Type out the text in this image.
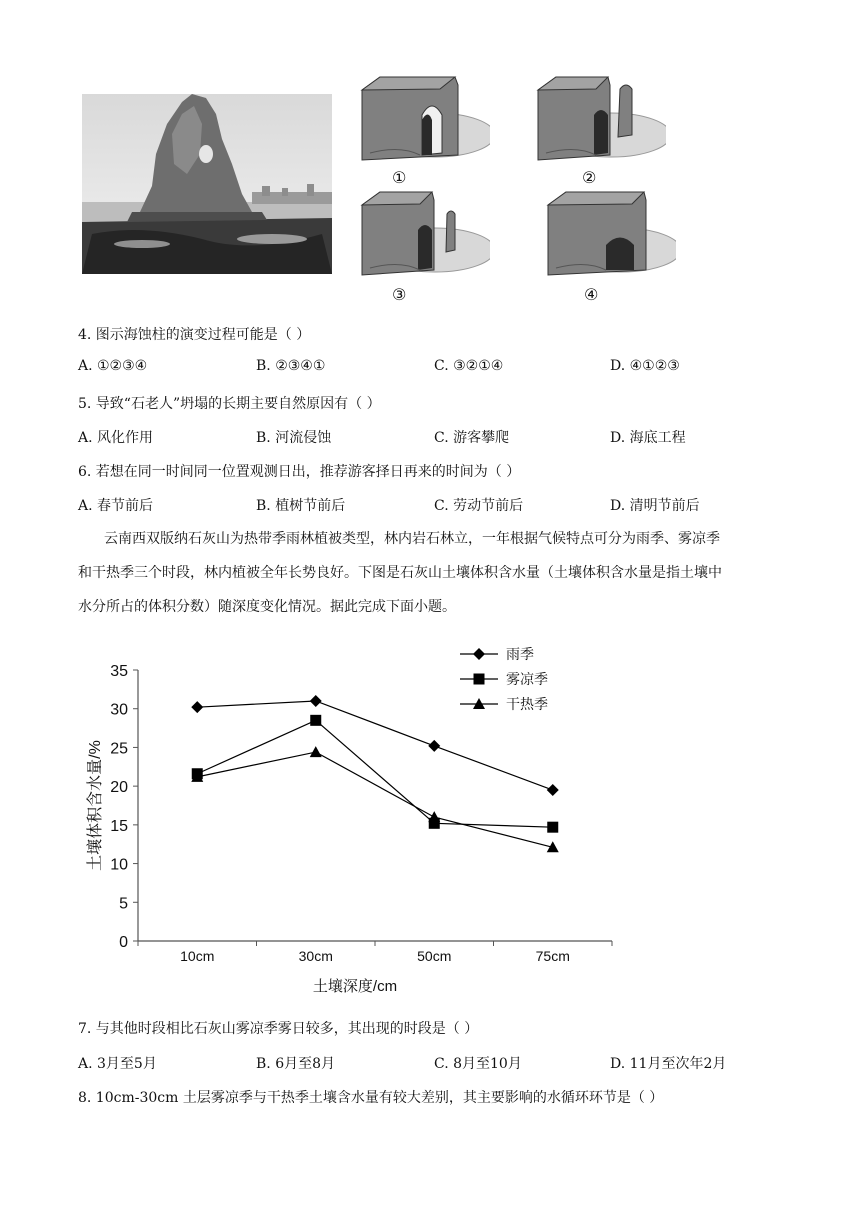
①	②
③	④
4. 图示海蚀柱的演变过程可能是（ ）
A. ①②③④	B. ②③④①	C. ③②①④	D. ④①②③
5. 导致“石老人”坍塌的长期主要自然原因有（ ）
A. 风化作用	B. 河流侵蚀	C. 游客攀爬	D. 海底工程
6. 若想在同一时间同一位置观测日出，推荐游客择日再来的时间为（ ）
A. 春节前后	B. 植树节前后	C. 劳动节前后	D. 清明节前后
云南西双版纳石灰山为热带季雨林植被类型，林内岩石林立，一年根据气候特点可分为雨季、雾凉季
和干热季三个时段，林内植被全年长势良好。下图是石灰山土壤体积含水量（土壤体积含水量是指土壤中
水分所占的体积分数）随深度变化情况。据此完成下面小题。
0
5
10
15
20
25
30
35
10cm	30cm	50cm	75cm
土壤深度/cm
土壤体积含水量/%
雨季
雾凉季
干热季
7. 与其他时段相比石灰山雾凉季雾日较多，其出现的时段是（ ）
A. 3月至5月	B. 6月至8月	C. 8月至10月	D. 11月至次年2月
8. 10cm-30cm 土层雾凉季与干热季土壤含水量有较大差别，其主要影响的水循环环节是（ ）
